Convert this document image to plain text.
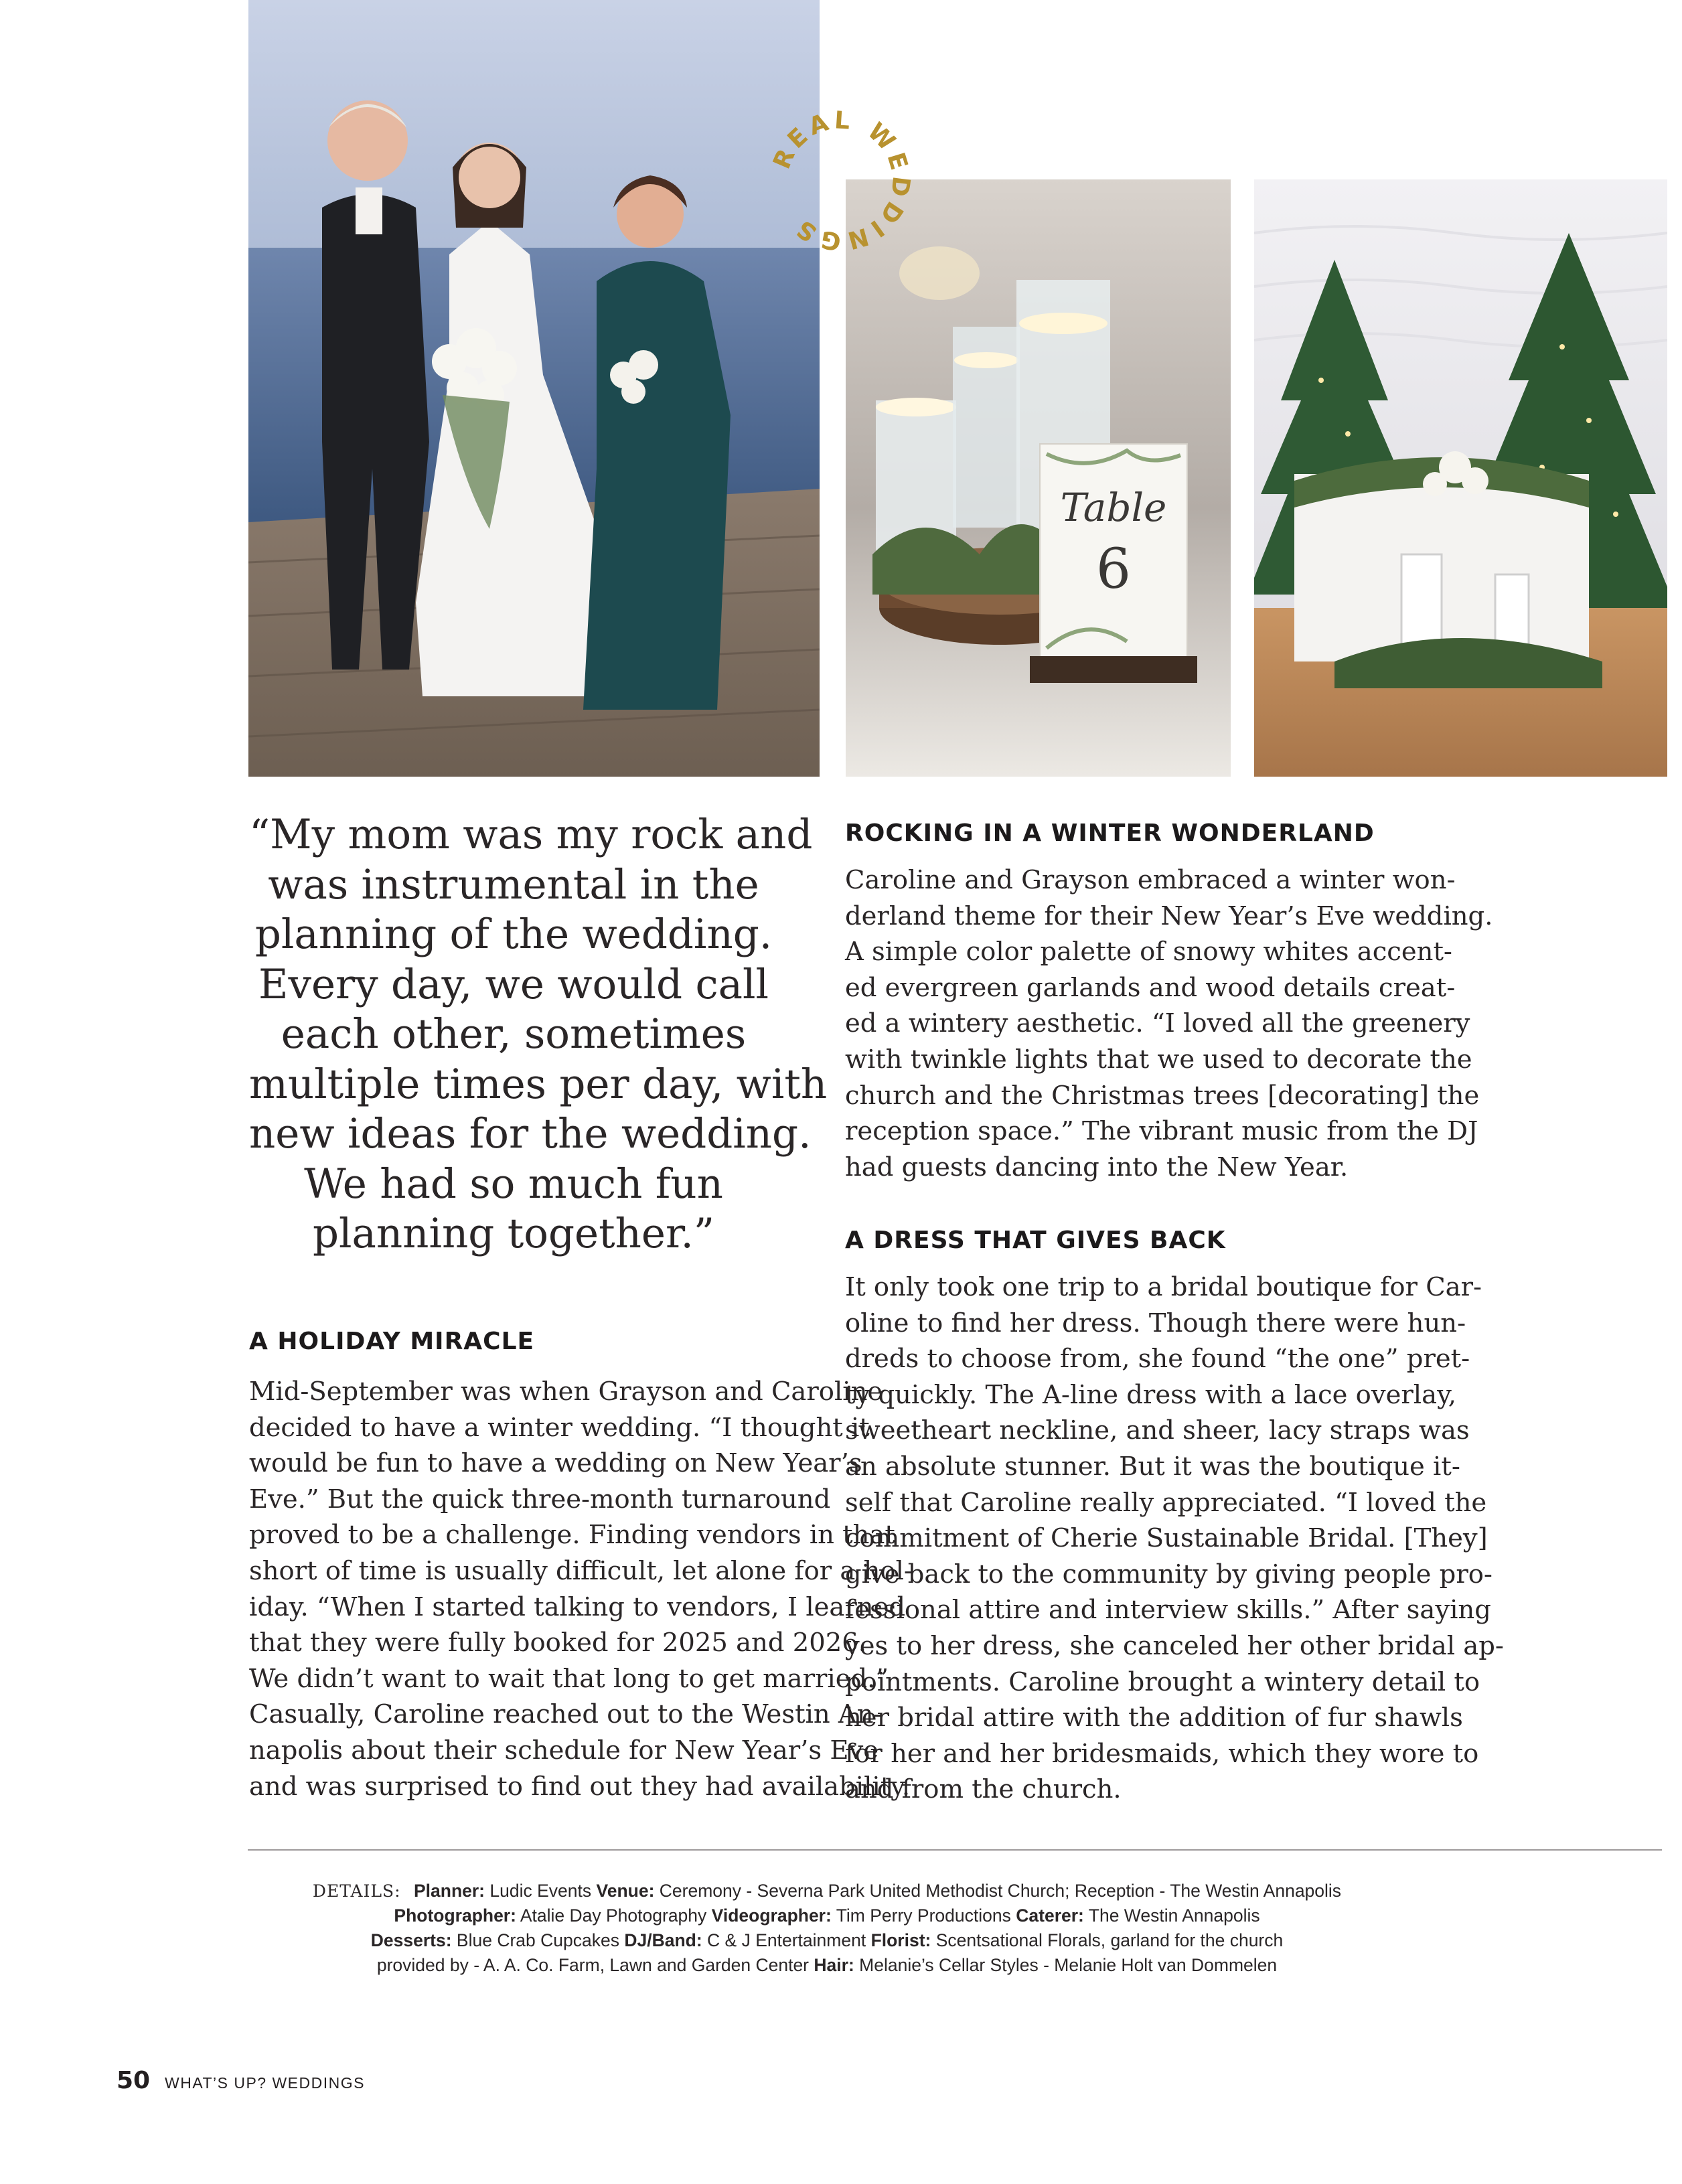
Table
6
REAL WEDDINGS
“My mom was my rock and
was instrumental in the
planning of the wedding.
Every day, we would call
each other, sometimes
multiple times per day, with
new ideas for the wedding.
We had so much fun
planning together.”
A HOLIDAY MIRACLE
Mid-September was when Grayson and Caroline
decided to have a winter wedding. “I thought it
would be fun to have a wedding on New Year’s
Eve.” But the quick three-month turnaround
proved to be a challenge. Finding vendors in that
short of time is usually difficult, let alone for a hol-
iday. “When I started talking to vendors, I learned
that they were fully booked for 2025 and 2026.
We didn’t want to wait that long to get married.”
Casually, Caroline reached out to the Westin An-
napolis about their schedule for New Year’s Eve
and was surprised to find out they had availability.
ROCKING IN A WINTER WONDERLAND
Caroline and Grayson embraced a winter won-
derland theme for their New Year’s Eve wedding.
A simple color palette of snowy whites accent-
ed evergreen garlands and wood details creat-
ed a wintery aesthetic. “I loved all the greenery
with twinkle lights that we used to decorate the
church and the Christmas trees [decorating] the
reception space.” The vibrant music from the DJ
had guests dancing into the New Year.
A DRESS THAT GIVES BACK
It only took one trip to a bridal boutique for Car-
oline to find her dress. Though there were hun-
dreds to choose from, she found “the one” pret-
ty quickly. The A-line dress with a lace overlay,
sweetheart neckline, and sheer, lacy straps was
an absolute stunner. But it was the boutique it-
self that Caroline really appreciated. “I loved the
commitment of Cherie Sustainable Bridal. [They]
give back to the community by giving people pro-
fessional attire and interview skills.” After saying
yes to her dress, she canceled her other bridal ap-
pointments. Caroline brought a wintery detail to
her bridal attire with the addition of fur shawls
for her and her bridesmaids, which they wore to
and from the church.
DETAILS: Planner: Ludic Events Venue: Ceremony - Severna Park United Methodist Church; Reception - The Westin Annapolis
Photographer: Atalie Day Photography Videographer: Tim Perry Productions Caterer: The Westin Annapolis
Desserts: Blue Crab Cupcakes DJ/Band: C & J Entertainment Florist: Scentsational Florals, garland for the church
provided by - A. A. Co. Farm, Lawn and Garden Center Hair: Melanie’s Cellar Styles - Melanie Holt van Dommelen
50 WHAT’S UP? WEDDINGS
